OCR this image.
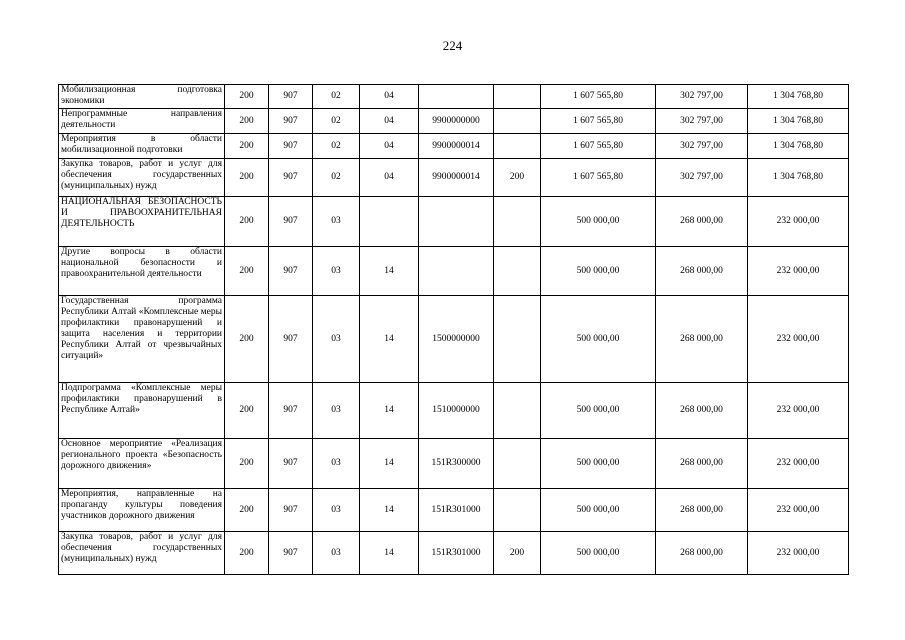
224
Мобилизационная подготовка экономики	200	907	02	04			1 607 565,80	302 797,00	1 304 768,80
Непрограммные направления деятельности	200	907	02	04	9900000000		1 607 565,80	302 797,00	1 304 768,80
Мероприятия в области мобилизационной подготовки	200	907	02	04	9900000014		1 607 565,80	302 797,00	1 304 768,80
Закупка товаров, работ и услуг для обеспечения государственных (муниципальных) нужд	200	907	02	04	9900000014	200	1 607 565,80	302 797,00	1 304 768,80
НАЦИОНАЛЬНАЯ БЕЗОПАСНОСТЬ И ПРАВООХРАНИТЕЛЬНАЯ ДЕЯТЕЛЬНОСТЬ	200	907	03				500 000,00	268 000,00	232 000,00
Другие вопросы в области национальной безопасности и правоохранительной деятельности	200	907	03	14			500 000,00	268 000,00	232 000,00
Государственная программа Республики Алтай «Комплексные меры профилактики правонарушений и защита населения и территории Республики Алтай от чрезвычайных ситуаций»	200	907	03	14	1500000000		500 000,00	268 000,00	232 000,00
Подпрограмма «Комплексные меры профилактики правонарушений в Республике Алтай»	200	907	03	14	1510000000		500 000,00	268 000,00	232 000,00
Основное мероприятие «Реализация регионального проекта «Безопасность дорожного движения»	200	907	03	14	151R300000		500 000,00	268 000,00	232 000,00
Мероприятия, направленные на пропаганду культуры поведения участников дорожного движения	200	907	03	14	151R301000		500 000,00	268 000,00	232 000,00
Закупка товаров, работ и услуг для обеспечения государственных (муниципальных) нужд	200	907	03	14	151R301000	200	500 000,00	268 000,00	232 000,00
